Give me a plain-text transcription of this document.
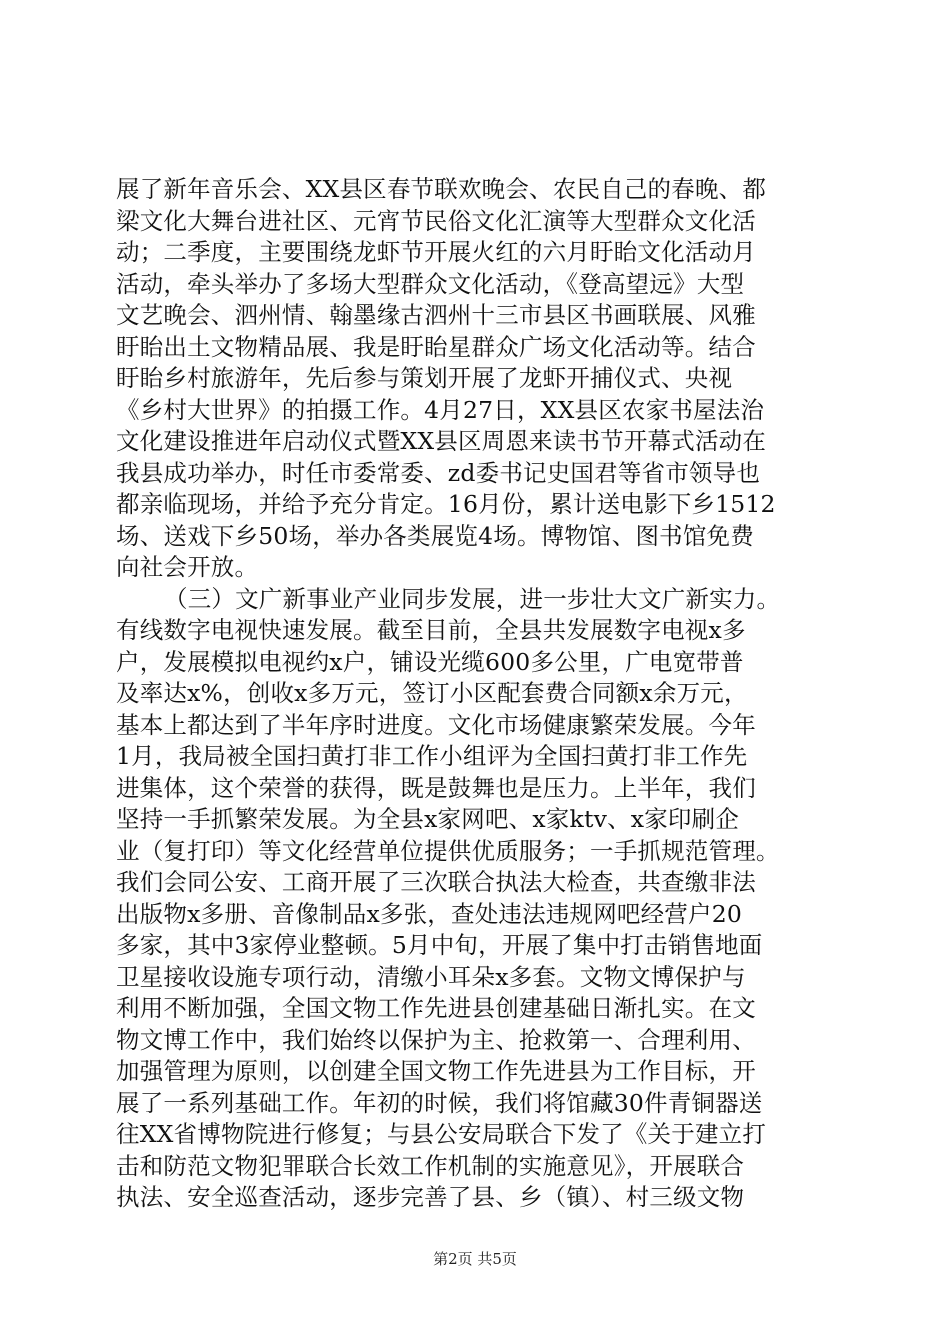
展了新年音乐会、XX县区春节联欢晚会、农民自己的春晚、都
梁文化大舞台进社区、元宵节民俗文化汇演等大型群众文化活
动；二季度，主要围绕龙虾节开展火红的六月盱眙文化活动月
活动，牵头举办了多场大型群众文化活动，《登高望远》大型
文艺晚会、泗州情、翰墨缘古泗州十三市县区书画联展、风雅
盱眙出土文物精品展、我是盱眙星群众广场文化活动等。结合
盱眙乡村旅游年，先后参与策划开展了龙虾开捕仪式、央视
《乡村大世界》的拍摄工作。4月27日，XX县区农家书屋法治
文化建设推进年启动仪式暨XX县区周恩来读书节开幕式活动在
我县成功举办，时任市委常委、zd委书记史国君等省市领导也
都亲临现场，并给予充分肯定。16月份，累计送电影下乡1512
场、送戏下乡50场，举办各类展览4场。博物馆、图书馆免费
向社会开放。
（三）文广新事业产业同步发展，进一步壮大文广新实力。
有线数字电视快速发展。截至目前，全县共发展数字电视x多
户，发展模拟电视约x户，铺设光缆600多公里，广电宽带普
及率达x%，创收x多万元，签订小区配套费合同额x余万元，
基本上都达到了半年序时进度。文化市场健康繁荣发展。今年
1月，我局被全国扫黄打非工作小组评为全国扫黄打非工作先
进集体，这个荣誉的获得，既是鼓舞也是压力。上半年，我们
坚持一手抓繁荣发展。为全县x家网吧、x家ktv、x家印刷企
业（复打印）等文化经营单位提供优质服务；一手抓规范管理。
我们会同公安、工商开展了三次联合执法大检查，共查缴非法
出版物x多册、音像制品x多张，查处违法违规网吧经营户20
多家，其中3家停业整顿。5月中旬，开展了集中打击销售地面
卫星接收设施专项行动，清缴小耳朵x多套。文物文博保护与
利用不断加强，全国文物工作先进县创建基础日渐扎实。在文
物文博工作中，我们始终以保护为主、抢救第一、合理利用、
加强管理为原则，以创建全国文物工作先进县为工作目标，开
展了一系列基础工作。年初的时候，我们将馆藏30件青铜器送
往XX省博物院进行修复；与县公安局联合下发了《关于建立打
击和防范文物犯罪联合长效工作机制的实施意见》，开展联合
执法、安全巡查活动，逐步完善了县、乡（镇）、村三级文物
第2页 共5页
